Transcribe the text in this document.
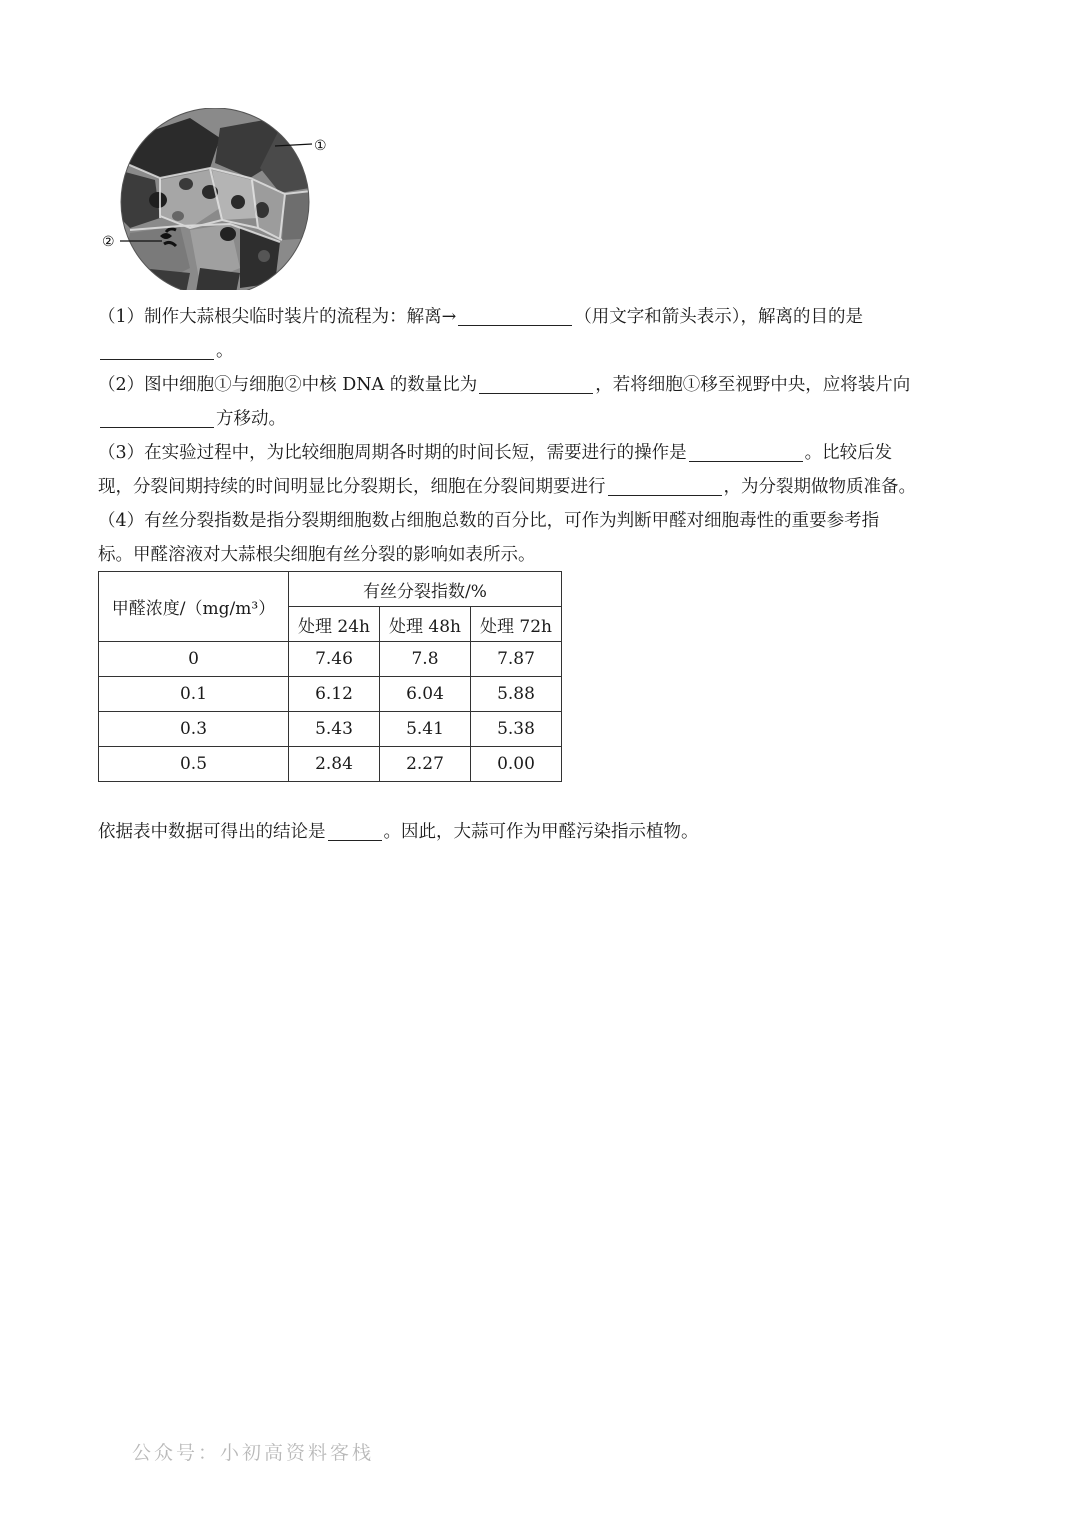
①
②
（1）制作大蒜根尖临时装片的流程为：解离→	（用文字和箭头表示），解离的目的是
。
（2）图中细胞①与细胞②中核 DNA 的数量比为	，若将细胞①移至视野中央，应将装片向
方移动。
（3）在实验过程中，为比较细胞周期各时期的时间长短，需要进行的操作是	。比较后发
现，分裂间期持续的时间明显比分裂期长，细胞在分裂间期要进行	，为分裂期做物质准备。
（4）有丝分裂指数是指分裂期细胞数占细胞总数的百分比，可作为判断甲醛对细胞毒性的重要参考指
标。甲醛溶液对大蒜根尖细胞有丝分裂的影响如表所示。
甲醛浓度/（mg/m³）	有丝分裂指数/%		
	处理 24h	处理 48h	处理 72h
0	7.46	7.8	7.87
0.1	6.12	6.04	5.88
0.3	5.43	5.41	5.38
0.5	2.84	2.27	0.00
依据表中数据可得出的结论是	。因此，大蒜可作为甲醛污染指示植物。
公众号：小初高资料客栈
